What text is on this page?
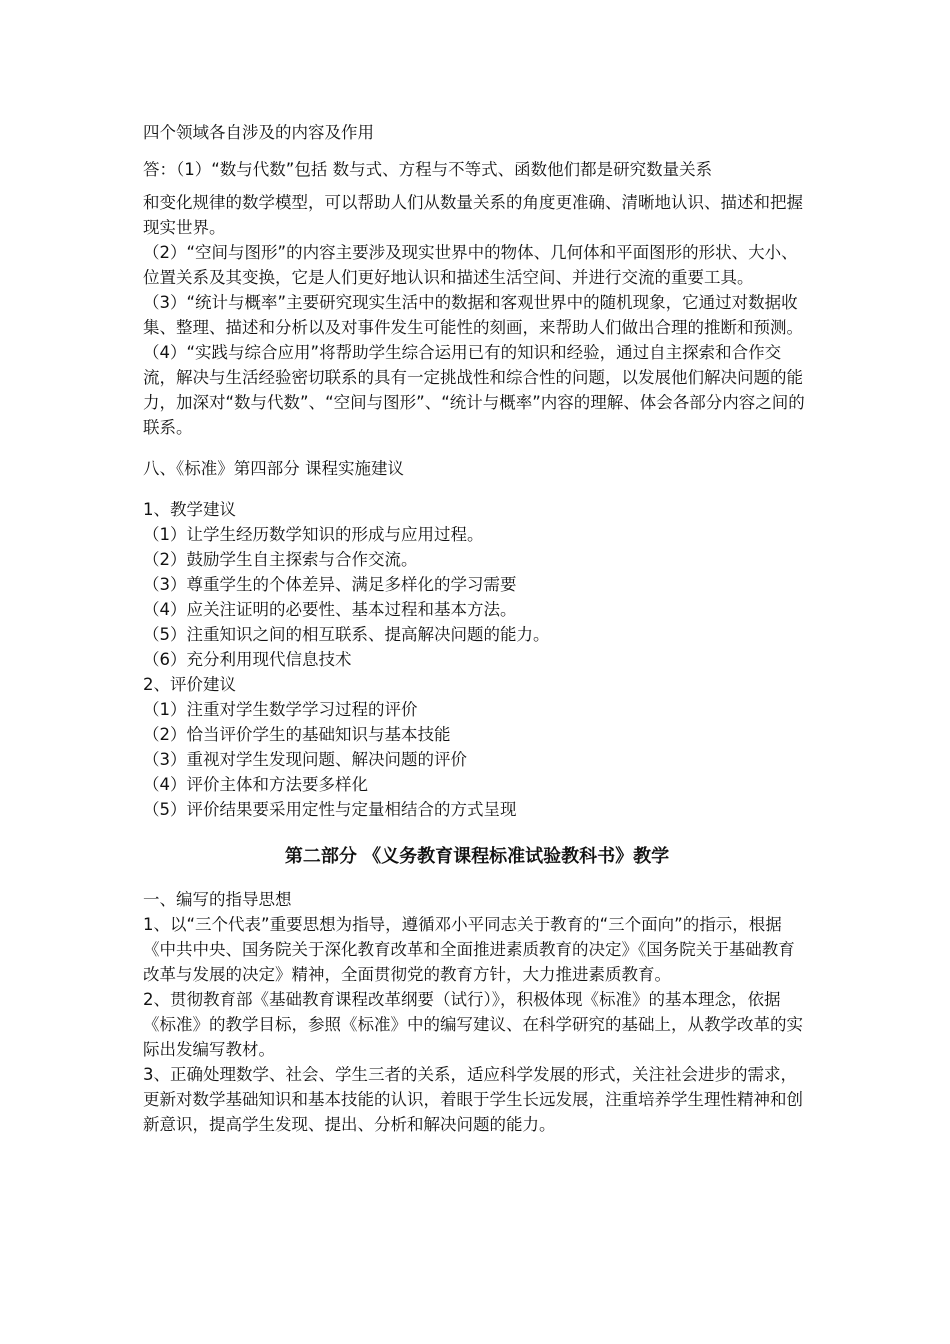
四个领域各自涉及的内容及作用

答：（1）“数与代数”包括 数与式、方程与不等式、函数他们都是研究数量关系

和变化规律的数学模型，可以帮助人们从数量关系的角度更准确、清晰地认识、描述和把握现实世界。

（2）“空间与图形”的内容主要涉及现实世界中的物体、几何体和平面图形的形状、大小、位置关系及其变换，它是人们更好地认识和描述生活空间、并进行交流的重要工具。

（3）“统计与概率”主要研究现实生活中的数据和客观世界中的随机现象，它通过对数据收集、整理、描述和分析以及对事件发生可能性的刻画，来帮助人们做出合理的推断和预测。

（4）“实践与综合应用”将帮助学生综合运用已有的知识和经验，通过自主探索和合作交流，解决与生活经验密切联系的具有一定挑战性和综合性的问题，以发展他们解决问题的能力，加深对“数与代数”、“空间与图形”、“统计与概率”内容的理解、体会各部分内容之间的联系。

八、《标准》第四部分 课程实施建议

1、教学建议

（1）让学生经历数学知识的形成与应用过程。

（2）鼓励学生自主探索与合作交流。

（3）尊重学生的个体差异、满足多样化的学习需要

（4）应关注证明的必要性、基本过程和基本方法。

（5）注重知识之间的相互联系、提高解决问题的能力。

（6）充分利用现代信息技术

2、评价建议

（1）注重对学生数学学习过程的评价

（2）恰当评价学生的基础知识与基本技能

（3）重视对学生发现问题、解决问题的评价

（4）评价主体和方法要多样化

（5）评价结果要采用定性与定量相结合的方式呈现

第二部分 《义务教育课程标准试验教科书》教学

一、编写的指导思想

1、以“三个代表”重要思想为指导，遵循邓小平同志关于教育的“三个面向”的指示，根据《中共中央、国务院关于深化教育改革和全面推进素质教育的决定》《国务院关于基础教育改革与发展的决定》精神，全面贯彻党的教育方针，大力推进素质教育。

2、贯彻教育部《基础教育课程改革纲要（试行）》，积极体现《标准》的基本理念，依据《标准》的教学目标，参照《标准》中的编写建议、在科学研究的基础上，从教学改革的实际出发编写教材。

3、正确处理数学、社会、学生三者的关系，适应科学发展的形式，关注社会进步的需求，更新对数学基础知识和基本技能的认识，着眼于学生长远发展，注重培养学生理性精神和创新意识，提高学生发现、提出、分析和解决问题的能力。
